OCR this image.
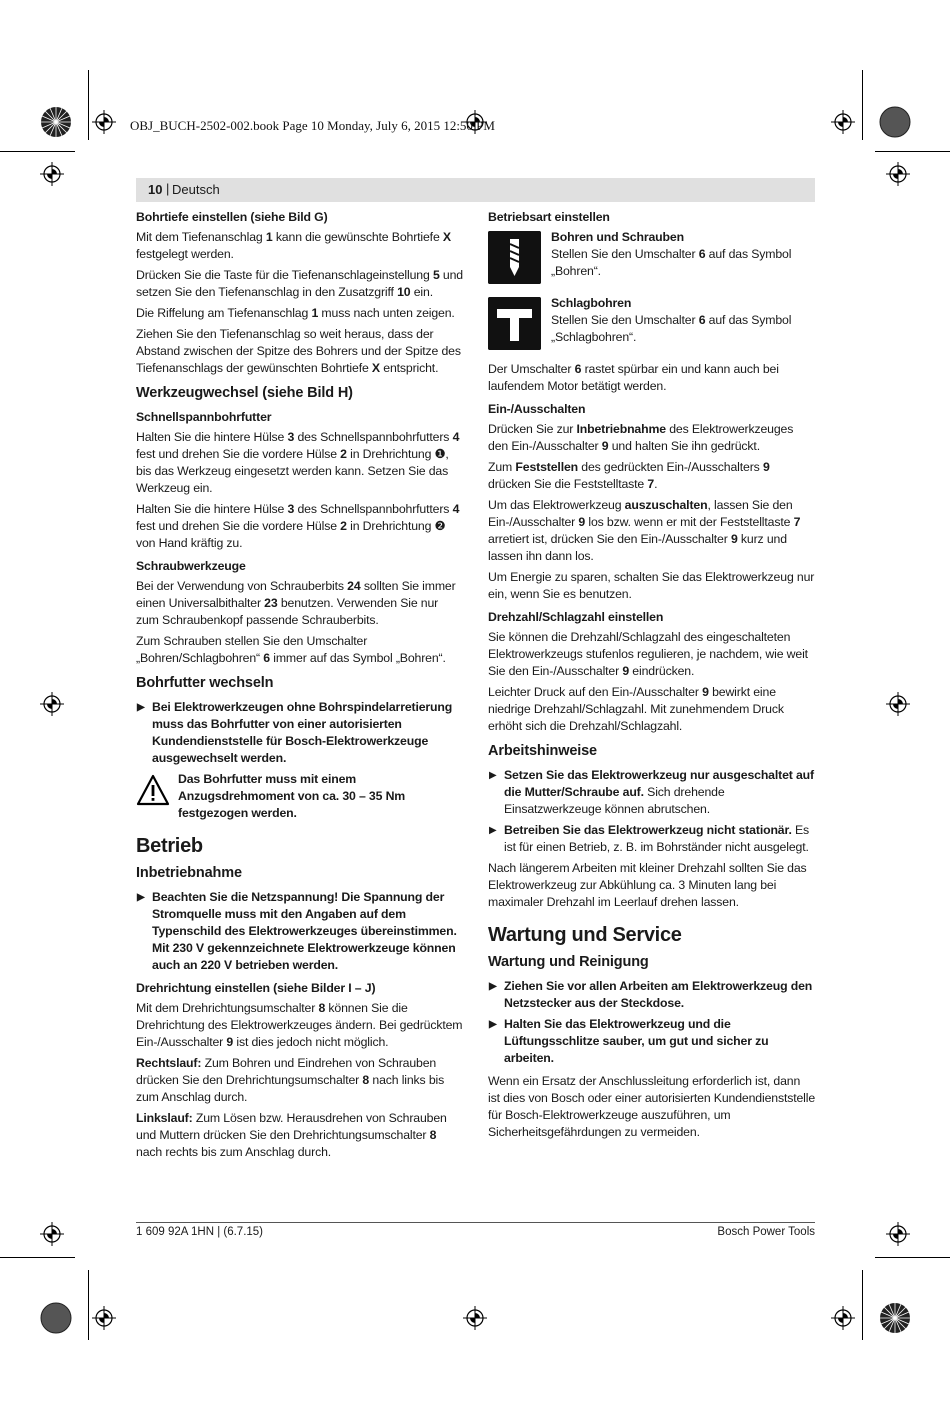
OBJ_BUCH-2502-002.book Page 10 Monday, July 6, 2015 12:50 PM
10 | Deutsch
Bohrtiefe einstellen (siehe Bild G)

Mit dem Tiefenanschlag 1 kann die gewünschte Bohrtiefe X festgelegt werden.

Drücken Sie die Taste für die Tiefenanschlageinstellung 5 und setzen Sie den Tiefenanschlag in den Zusatzgriff 10 ein.

Die Riffelung am Tiefenanschlag 1 muss nach unten zeigen.

Ziehen Sie den Tiefenanschlag so weit heraus, dass der Abstand zwischen der Spitze des Bohrers und der Spitze des Tiefenanschlags der gewünschten Bohrtiefe X entspricht.

Werkzeugwechsel (siehe Bild H)
Schnellspannbohrfutter

Halten Sie die hintere Hülse 3 des Schnellspannbohrfutters 4 fest und drehen Sie die vordere Hülse 2 in Drehrichtung ❶, bis das Werkzeug eingesetzt werden kann. Setzen Sie das Werkzeug ein.

Halten Sie die hintere Hülse 3 des Schnellspannbohrfutters 4 fest und drehen Sie die vordere Hülse 2 in Drehrichtung ❷ von Hand kräftig zu.

Schraubwerkzeuge

Bei der Verwendung von Schrauberbits 24 sollten Sie immer einen Universalbithalter 23 benutzen. Verwenden Sie nur zum Schraubenkopf passende Schrauberbits.

Zum Schrauben stellen Sie den Umschalter „Bohren/Schlagbohren“ 6 immer auf das Symbol „Bohren“.

Bohrfutter wechseln
▶ Bei Elektrowerkzeugen ohne Bohrspindelarretierung muss das Bohrfutter von einer autorisierten Kundendienststelle für Bosch-Elektrowerkzeuge ausgewechselt werden.
Das Bohrfutter muss mit einem Anzugsdrehmoment von ca. 30 – 35 Nm festgezogen werden.
Betrieb
Inbetriebnahme
▶ Beachten Sie die Netzspannung! Die Spannung der Stromquelle muss mit den Angaben auf dem Typenschild des Elektrowerkzeuges übereinstimmen. Mit 230 V gekennzeichnete Elektrowerkzeuge können auch an 220 V betrieben werden.
Drehrichtung einstellen (siehe Bilder I – J)

Mit dem Drehrichtungsumschalter 8 können Sie die Drehrichtung des Elektrowerkzeuges ändern. Bei gedrücktem Ein-/Ausschalter 9 ist dies jedoch nicht möglich.

Rechtslauf: Zum Bohren und Eindrehen von Schrauben drücken Sie den Drehrichtungsumschalter 8 nach links bis zum Anschlag durch.

Linkslauf: Zum Lösen bzw. Herausdrehen von Schrauben und Muttern drücken Sie den Drehrichtungsumschalter 8 nach rechts bis zum Anschlag durch.

Betriebsart einstellen
Bohren und Schrauben
Stellen Sie den Umschalter 6 auf das Symbol „Bohren“.
Schlagbohren
Stellen Sie den Umschalter 6 auf das Symbol „Schlagbohren“.

Der Umschalter 6 rastet spürbar ein und kann auch bei laufendem Motor betätigt werden.

Ein-/Ausschalten

Drücken Sie zur Inbetriebnahme des Elektrowerkzeuges den Ein-/Ausschalter 9 und halten Sie ihn gedrückt.

Zum Feststellen des gedrückten Ein-/Ausschalters 9 drücken Sie die Feststelltaste 7.

Um das Elektrowerkzeug auszuschalten, lassen Sie den Ein-/Ausschalter 9 los bzw. wenn er mit der Feststelltaste 7 arretiert ist, drücken Sie den Ein-/Ausschalter 9 kurz und lassen ihn dann los.

Um Energie zu sparen, schalten Sie das Elektrowerkzeug nur ein, wenn Sie es benutzen.

Drehzahl/Schlagzahl einstellen

Sie können die Drehzahl/Schlagzahl des eingeschalteten Elektrowerkzeugs stufenlos regulieren, je nachdem, wie weit Sie den Ein-/Ausschalter 9 eindrücken.

Leichter Druck auf den Ein-/Ausschalter 9 bewirkt eine niedrige Drehzahl/Schlagzahl. Mit zunehmendem Druck erhöht sich die Drehzahl/Schlagzahl.

Arbeitshinweise
▶ Setzen Sie das Elektrowerkzeug nur ausgeschaltet auf die Mutter/Schraube auf. Sich drehende Einsatzwerkzeuge können abrutschen.
▶ Betreiben Sie das Elektrowerkzeug nicht stationär. Es ist für einen Betrieb, z. B. im Bohrständer nicht ausgelegt.

Nach längerem Arbeiten mit kleiner Drehzahl sollten Sie das Elektrowerkzeug zur Abkühlung ca. 3 Minuten lang bei maximaler Drehzahl im Leerlauf drehen lassen.

Wartung und Service
Wartung und Reinigung
▶ Ziehen Sie vor allen Arbeiten am Elektrowerkzeug den Netzstecker aus der Steckdose.
▶ Halten Sie das Elektrowerkzeug und die Lüftungsschlitze sauber, um gut und sicher zu arbeiten.

Wenn ein Ersatz der Anschlussleitung erforderlich ist, dann ist dies von Bosch oder einer autorisierten Kundendienststelle für Bosch-Elektrowerkzeuge auszuführen, um Sicherheitsgefährdungen zu vermeiden.

1 609 92A 1HN | (6.7.15)	Bosch Power Tools
